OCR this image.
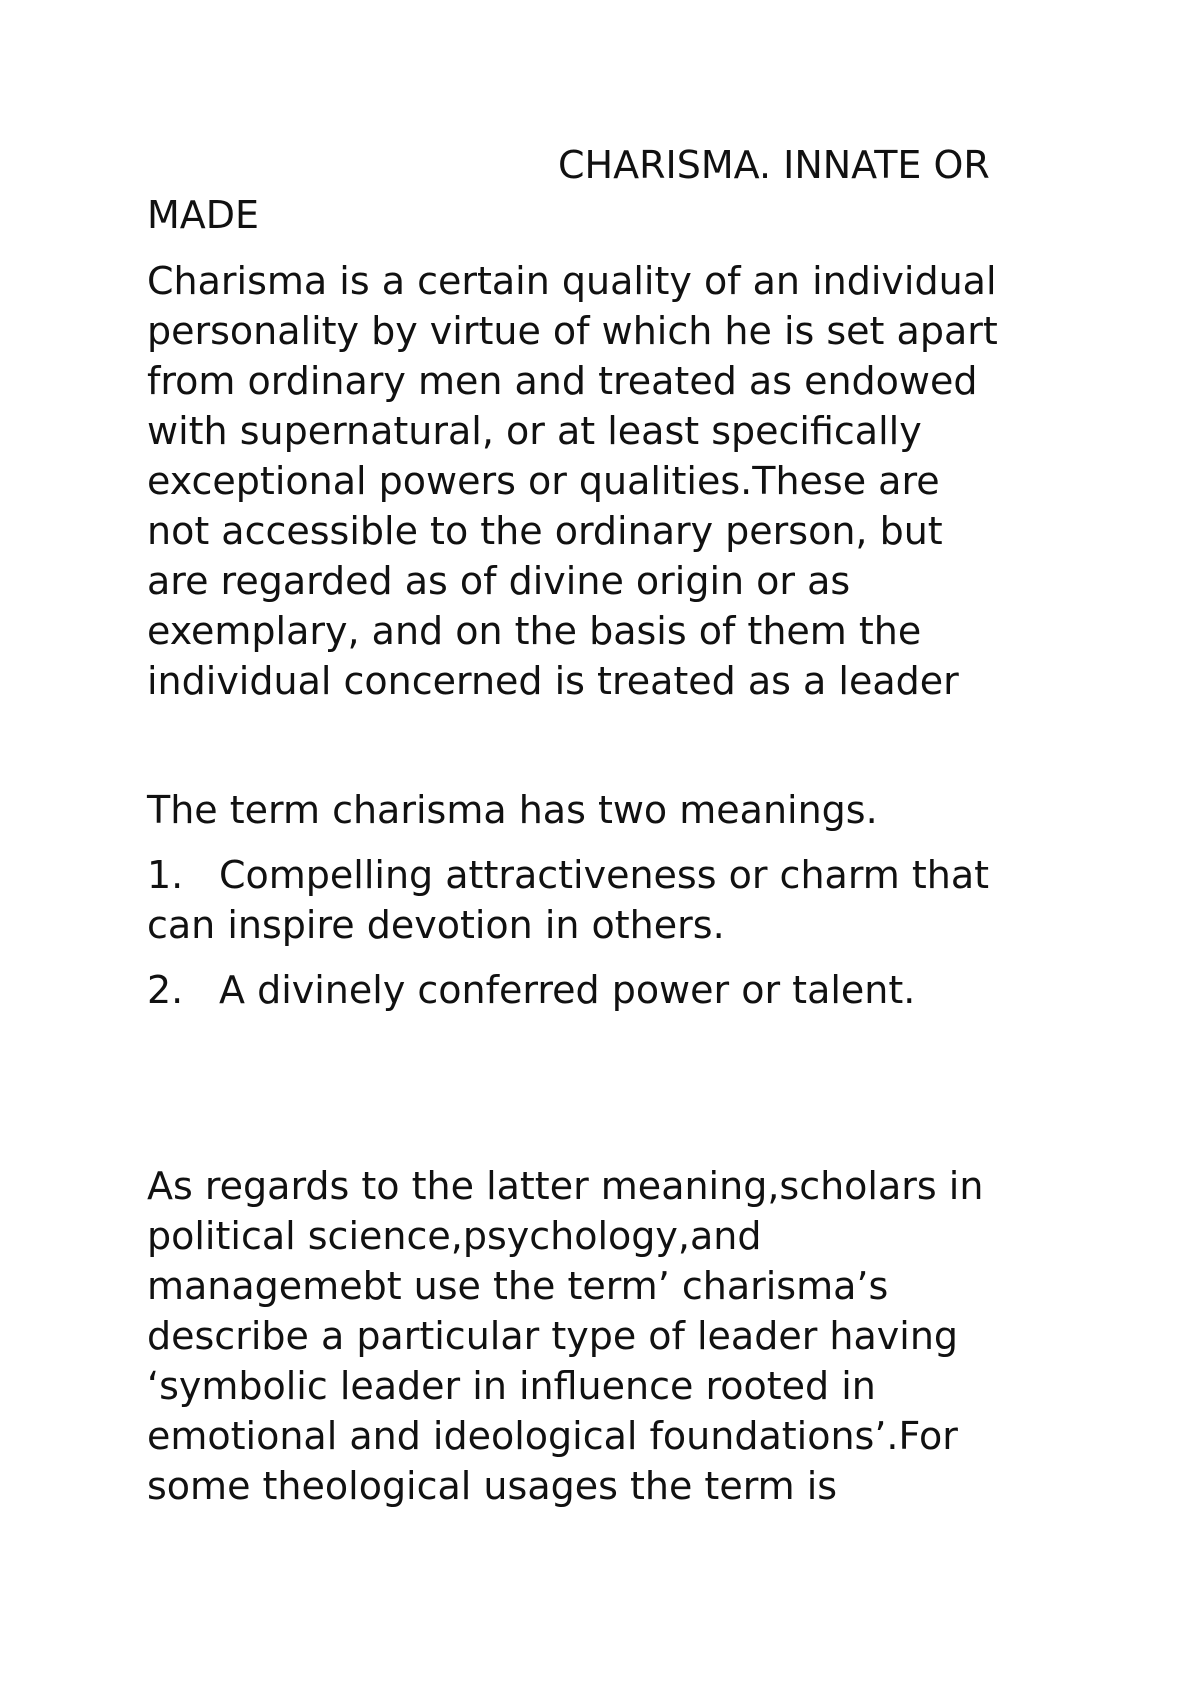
CHARISMA. INNATE OR MADE
Charisma is a certain quality of an individual
personality by virtue of which he is set apart
from ordinary men and treated as endowed
with supernatural, or at least specifically
exceptional powers or qualities.These are
not accessible to the ordinary person, but
are regarded as of divine origin or as
exemplary, and on the basis of them the
individual concerned is treated as a leader

The term charisma has two meanings.

1. Compelling attractiveness or charm that
can inspire devotion in others.
2. A divinely conferred power or talent.
As regards to the latter meaning,scholars in
political science,psychology,and
managemebt use the term’ charisma’s
describe a particular type of leader having
‘symbolic leader in influence rooted in
emotional and ideological foundations’.For
some theological usages the term is
